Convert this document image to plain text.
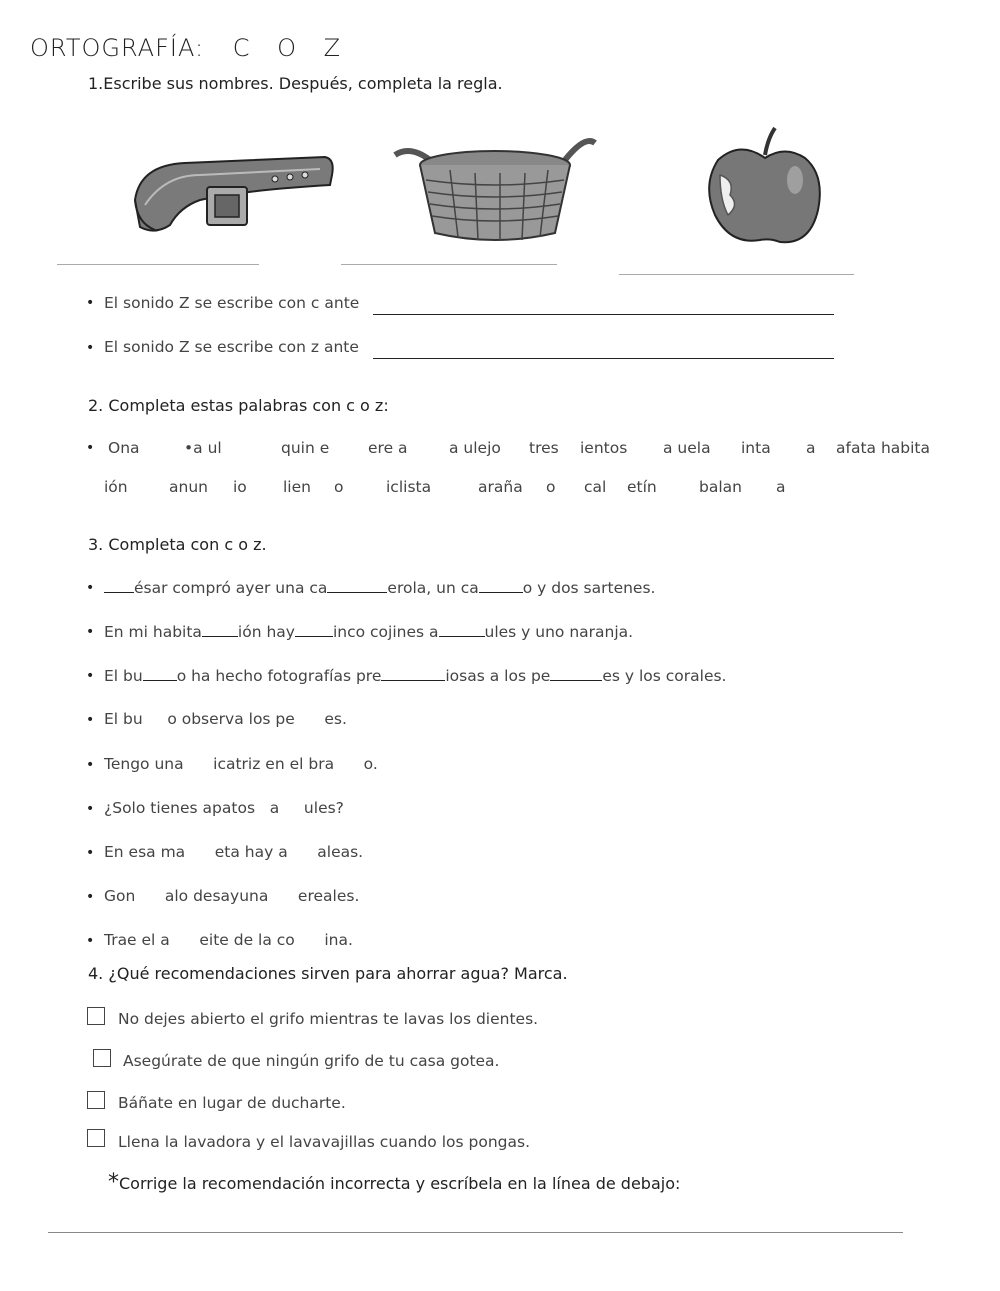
ORTOGRAFÍA: C O Z
1.Escribe sus nombres. Después, completa la regla.
• El sonido Z se escribe con c ante
• El sonido Z se escribe con z ante
2. Completa estas palabras con c o z:
• Ona	•a ul	quin e ere a	a ulejo tres ientos a uela inta a afata habita
ión	anun io lien o	iclista	araña o cal etín	balan a
3. Completa con c o z.
•	ésar compró ayer una ca	erola, un ca	o y dos sartenes.
• En mi habita ión hay inco cojines a	ules y uno naranja.
• El bu o ha hecho fotografías pre	iosas a los pe	es y los corales.
• El bu     o observa los pe      es.
• Tengo una      icatriz en el bra      o.
• ¿Solo tienes apatos   a     ules?
• En esa ma      eta hay a      aleas.
• Gon      alo desayuna      ereales.
• Trae el a      eite de la co      ina.
4. ¿Qué recomendaciones sirven para ahorrar agua? Marca.
No dejes abierto el grifo mientras te lavas los dientes.
Asegúrate de que ningún grifo de tu casa gotea.
Báñate en lugar de ducharte.
Llena la lavadora y el lavavajillas cuando los pongas.
*Corrige la recomendación incorrecta y escríbela en la línea de debajo:
